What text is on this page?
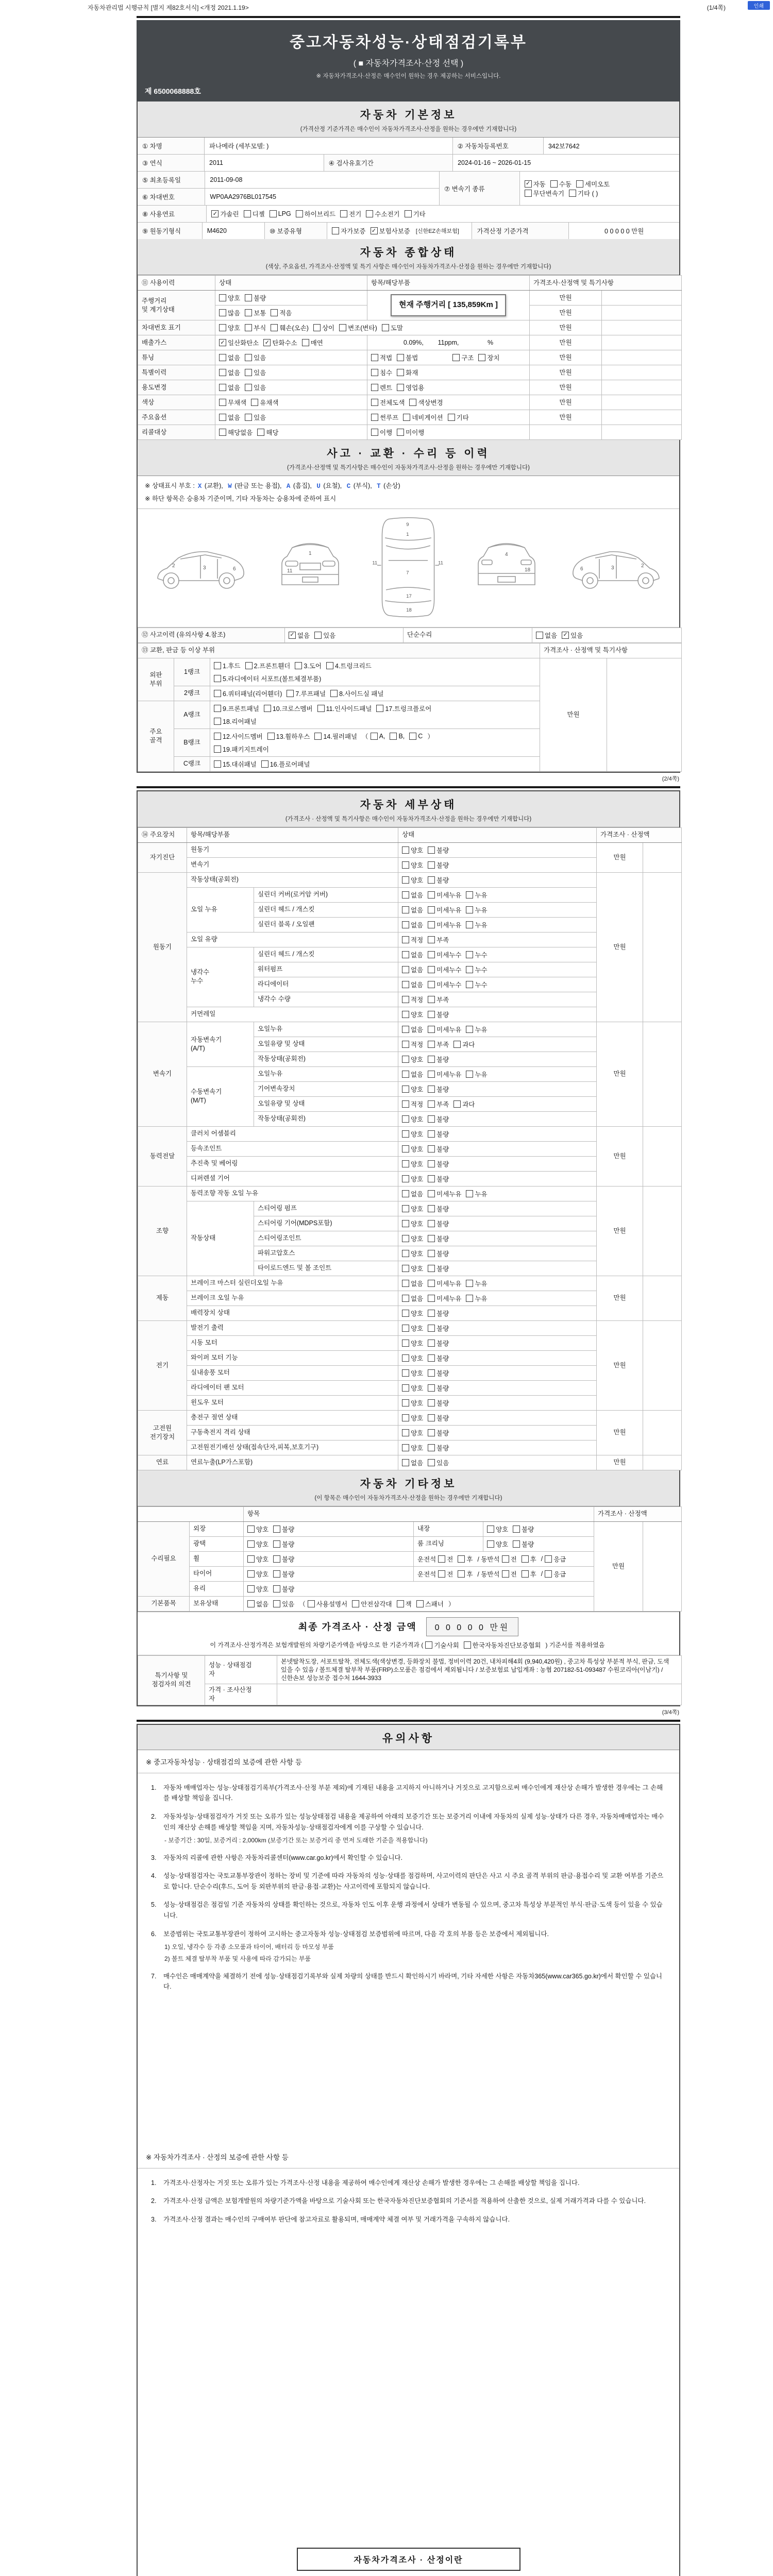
자동차관리법 시행규칙 [별지 제82호서식] <개정 2021.1.19>	(1/4쪽)	인쇄
중고자동차성능·상태점검기록부
( ■ 자동차가격조사·산정 선택 )
※ 자동차가격조사·산정은 매수인이 원하는 경우 제공하는 서비스입니다.
제 6500068888호
자동차 기본정보
(가격산정 기준가격은 매수인이 자동차가격조사·산정을 원하는 경우에만 기재합니다)
① 차명	파나메라 (세부모델: )	② 자동차등록번호	342보7642
③ 연식	2011	④ 검사유효기간	2024-01-16 ~ 2026-01-15
⑤ 최초등록일	2011-09-08
⑥ 차대번호	WP0AA2976BL017545
⑦ 변속기 종류
✓ 자동 수동 세미오토
무단변속기 기타 ( )
⑧ 사용연료	✓ 가솔린 디젤 LPG 하이브리드 전기 수소전기 기타
⑨ 원동기형식	M4620	⑩ 보증유형	자가보증 ✓ 보험사보증 [신한EZ손해보험]	가격산정 기준가격	0 0 0 0 0 만원
자동차 종합상태
(색상, 주요옵션, 가격조사·산정액 및 특기 사항은 매수인이 자동차가격조사·산정을 원하는 경우에만 기재합니다)
⑪ 사용이력	상태	항목/해당부품	가격조사·산정액 및 특기사항	

주행거리
및 계기상태	양호 불량	현재 주행거리 [ 135,859Km ]	만원	

	많음 보통 적음		만원	

차대번호 표기	양호 부식 훼손(오손) 상이 변조(변타) 도말	만원

배출가스	✓ 일산화탄소 ✓ 탄화수소 매연	0.09%,        11ppm,                %	만원	

튜닝	없음 있음	적법 불법 구조 장치	만원	

특별이력	없음 있음	침수 화재	만원	

용도변경	없음 있음	렌트 영업용	만원	

색상	무채색 유채색	전체도색 색상변경	만원	

주요옵션	없음 있음	썬루프 네비게이션 기타	만원	

리콜대상	해당없음 해당	이행 미이행		

사고 · 교환 · 수리 등 이력
(가격조사·산정액 및 특기사항은 매수인이 자동차가격조사·산정을 원하는 경우에만 기재합니다)
※ 상태표시 부호 : X (교환), W (판금 또는 용접), A (흠집), U (요철), C (부식), T (손상)
※ 하단 항목은 승용차 기준이며, 기타 자동차는 승용차에 준하여 표시
2	3	6
1
11
9
1
7
17
18
11	11
4
18
2
3
6
⑫ 사고이력 (유의사항 4.참조)	✓ 없음 있음	단순수리	없음 ✓ 있음
⑬ 교환, 판금 등 이상 부위			가격조사 · 산정액 및 특기사항	

외판
부위	1랭크	1.후드 2.프론트휀더 3.도어 4.트렁크리드
5.라디에이터 서포트(볼트체결부품)	만원	

	2랭크	6.쿼터패널(리어휀더) 7.루프패널 8.사이드실 패널		

주요
골격	A랭크	9.프론트패널 10.크로스멤버 11.인사이드패널 17.트렁크플로어
18.리어패널		

B랭크

12.사이드멤버 13.휠하우스 14.필러패널 （ A, B, C ）
19.패키지트레이

	C랭크	15.대쉬패널 16.플로어패널		
(2/4쪽)
자동차 세부상태
(가격조사 · 산정액 및 특기사항은 매수인이 자동차가격조사·산정을 원하는 경우에만 기재합니다)
⑭ 주요장치	항목/해당부품		상태	가격조사 · 산정액	

자기진단	원동기		양호 불량	만원	

	변속기		양호 불량		

원동기	작동상태(공회전)		양호 불량	만원	

	오일 누유	실린더 커버(로커암 커버)	없음 미세누유 누유		

		실린더 헤드 / 개스킷	없음 미세누유 누유		

		실린더 블록 / 오일팬	없음 미세누유 누유		

	오일 유량		적정 부족		

	냉각수
누수	실린더 헤드 / 개스킷	없음 미세누수 누수		

		워터펌프	없음 미세누수 누수		

		라디에이터	없음 미세누수 누수		

		냉각수 수량	적정 부족		

	커먼레일		양호 불량		

변속기	자동변속기
(A/T)	오일누유	없음 미세누유 누유	만원	

		오일유량 및 상태	적정 부족 과다		

		작동상태(공회전)	양호 불량		

	수동변속기
(M/T)	오일누유	없음 미세누유 누유		

		기어변속장치	양호 불량		

		오일유량 및 상태	적정 부족 과다		

		작동상태(공회전)	양호 불량		

동력전달	클러치 어셈블리		양호 불량	만원	

	등속조인트		양호 불량		

	추진축 및 베어링		양호 불량		

	디퍼렌셜 기어		양호 불량		

조향	동력조향 작동 오일 누유		없음 미세누유 누유	만원	

	작동상태	스티어링 펌프	양호 불량		

		스티어링 기어(MDPS포함)	양호 불량		

		스티어링조인트	양호 불량		

		파워고압호스	양호 불량		

		타이로드엔드 및 볼 조인트	양호 불량		

제동	브레이크 마스터 실린더오일 누유		없음 미세누유 누유	만원	

	브레이크 오일 누유		없음 미세누유 누유		

	배력장치 상태		양호 불량		

전기	발전기 출력		양호 불량	만원	

	시동 모터		양호 불량		

	와이퍼 모터 기능		양호 불량		

	실내송풍 모터		양호 불량		

	라디에이터 팬 모터		양호 불량		

	윈도우 모터		양호 불량		

고전원
전기장치	충전구 절연 상태		양호 불량	만원	

	구동축전지 격리 상태		양호 불량		

	고전원전기배선 상태(접속단자,피복,보호기구)		양호 불량		

연료	연료누출(LP가스포함)		없음 있음	만원	

자동차 기타정보
(이 항목은 매수인이 자동차가격조사·산정을 원하는 경우에만 기재합니다)

		항목			가격조사 · 산정액	

수리필요	외장	양호 불량	내장	양호 불량	만원	

	광택	양호 불량	룸 크리닝	양호 불량		

휠	양호 불량	운전석 전 후 / 동반석 전 후 / 응급

타이어	양호 불량	운전석 전 후 / 동반석 전 후 / 응급

	유리	양호 불량				

기본품목	보유상태	없음 있음 （ 사용설명서 안전삼각대 잭 스패너 ）
최종 가격조사 · 산정 금액	0 0 0 0 0 만원
이 가격조사·산정가격은 보험개발원의 차량기준가액을 바탕으로 한 기준가격과 ( 기술사회 한국자동차진단보증협회 ) 기준서를 적용하였음
특기사항 및
점검자의 의견	성능 · 상태점검
자	본넷탈착도장, 서포트탈착, 전체도색(색상변경, 등화장치 불법, 정비이력 20건, 내차피해4회 (9,940,420원) , 중고차 특성상 부분적 부식, 판금, 도색 있을 수 있음 / 볼트체결 탈부착 부품(FRP)소모품은 점검에서 제외됩니다 / 보증보험료 납입계좌 : 농협 207182-51-093487 수원코리아(이남기) / 신한손보 성능보증 접수처 1644-3933

	가격 · 조사산정
자	

(3/4쪽)
유의사항
※ 중고자동차성능 · 상태점검의 보증에 관한 사항 등
1.	자동차 매매업자는 성능·상태점검기록부(가격조사·산정 부분 제외)에 기재된 내용을 고지하지 아니하거나 거짓으로 고지함으로써 매수인에게 재산상 손해가 발생한 경우에는 그 손해를 배상할 책임을 집니다.
2.	자동차성능·상태점검자가 거짓 또는 오류가 있는 성능상태점검 내용을 제공하여 아래의 보증기간 또는 보증거리 이내에 자동차의 실제 성능·상태가 다른 경우, 자동차매매업자는 매수인의 재산상 손해를 배상할 책임을 지며, 자동차성능·상태점검자에게 이를 구상할 수 있습니다.
- 보증기간 : 30일, 보증거리 : 2,000km (보증기간 또는 보증거리 중 먼저 도래한 기준을 적용합니다)
3.	자동차의 리콜에 관한 사항은 자동차리콜센터(www.car.go.kr)에서 확인할 수 있습니다.
4.	성능·상태점검자는 국토교통부장관이 정하는 장비 및 기준에 따라 자동차의 성능·상태를 점검하며, 사고이력의 판단은 사고 시 주요 골격 부위의 판금·용접수리 및 교환 여부를 기준으로 합니다. 단순수리(후드, 도어 등 외판부위의 판금·용접·교환)는 사고이력에 포함되지 않습니다.
5.	성능·상태점검은 점검일 기준 자동차의 상태를 확인하는 것으로, 자동차 인도 이후 운행 과정에서 상태가 변동될 수 있으며, 중고차 특성상 부분적인 부식·판금·도색 등이 있을 수 있습니다.
6.	보증범위는 국토교통부장관이 정하여 고시하는 중고자동차 성능·상태점검 보증범위에 따르며, 다음 각 호의 부품 등은 보증에서 제외됩니다.
1) 오일, 냉각수 등 각종 소모품과 타이어, 배터리 등 마모성 부품
2) 볼트 체결 탈부착 부품 및 사용에 따라 감가되는 부품
7.	매수인은 매매계약을 체결하기 전에 성능·상태점검기록부와 실제 차량의 상태를 반드시 확인하시기 바라며, 기타 자세한 사항은 자동차365(www.car365.go.kr)에서 확인할 수 있습니다.
※ 자동차가격조사 · 산정의 보증에 관한 사항 등
1.	가격조사·산정자는 거짓 또는 오류가 있는 가격조사·산정 내용을 제공하여 매수인에게 재산상 손해가 발생한 경우에는 그 손해를 배상할 책임을 집니다.
2.	가격조사·산정 금액은 보험개발원의 차량기준가액을 바탕으로 기술사회 또는 한국자동차진단보증협회의 기준서를 적용하여 산출한 것으로, 실제 거래가격과 다를 수 있습니다.
3.	가격조사·산정 결과는 매수인의 구매여부 판단에 참고자료로 활용되며, 매매계약 체결 여부 및 거래가격을 구속하지 않습니다.
자동차가격조사 · 산정이란
